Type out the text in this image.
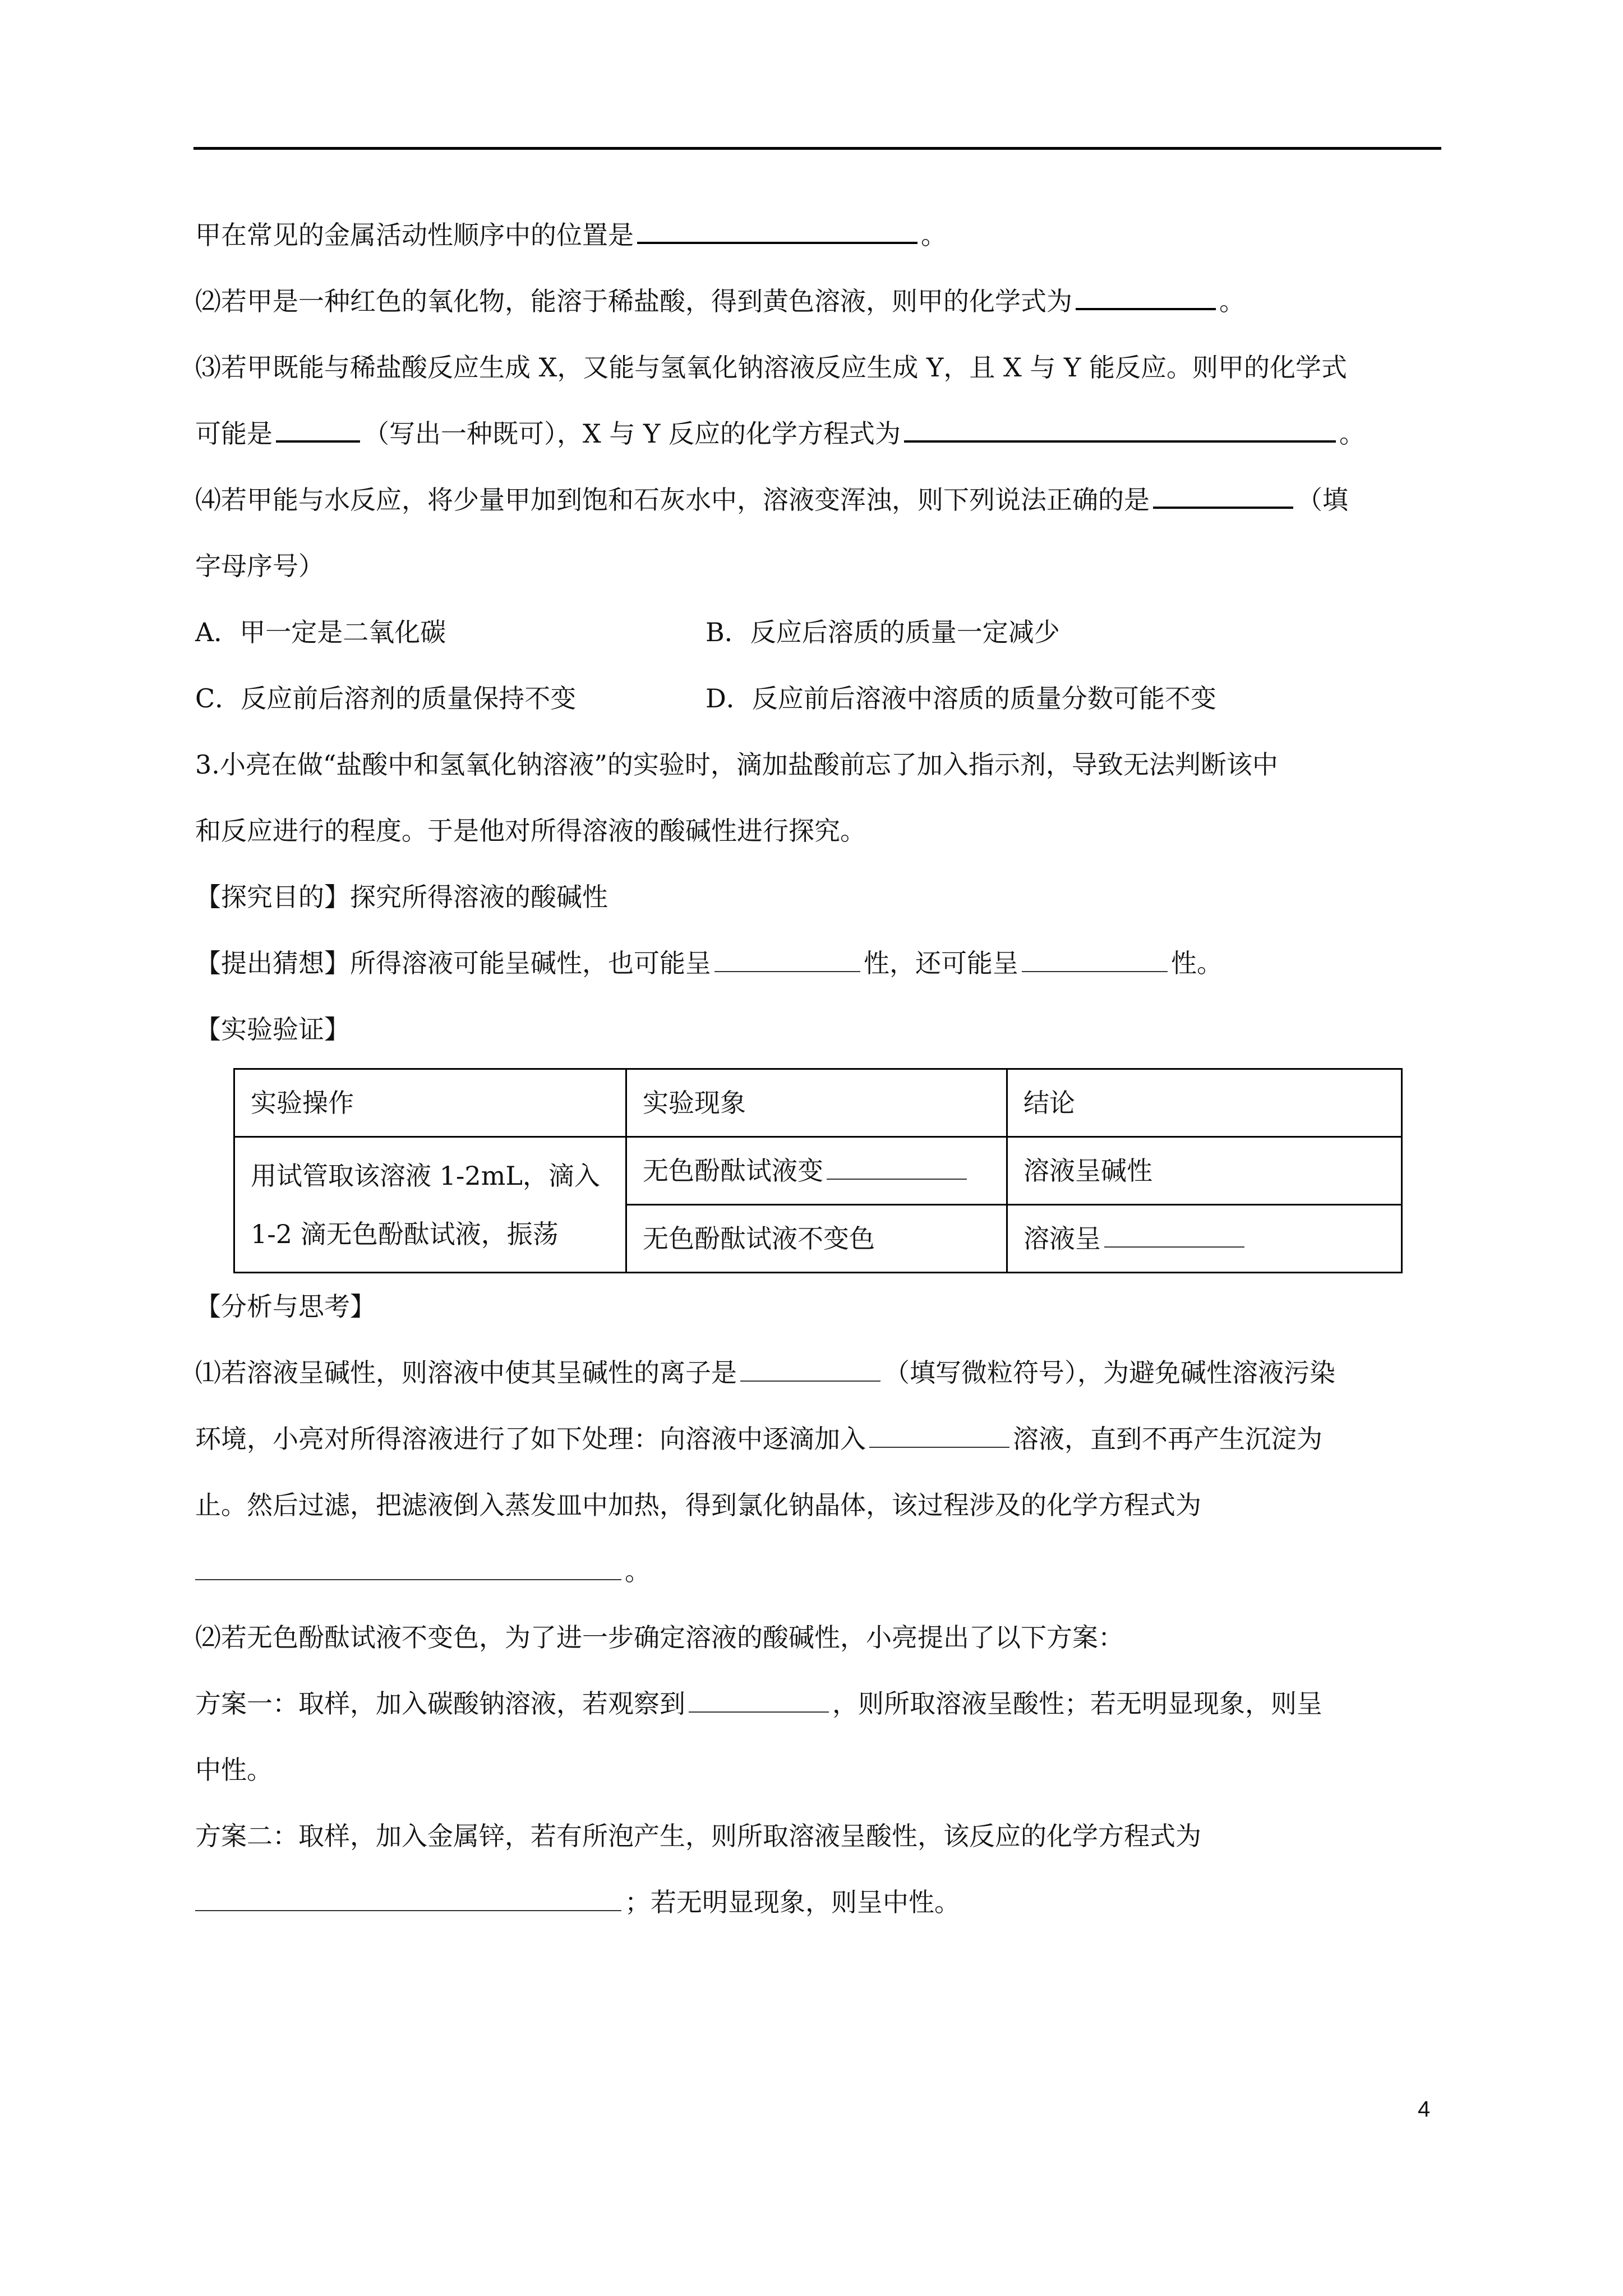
甲在常见的金属活动性顺序中的位置是	。
⑵若甲是一种红色的氧化物，能溶于稀盐酸，得到黄色溶液，则甲的化学式为	。
⑶若甲既能与稀盐酸反应生成 X，又能与氢氧化钠溶液反应生成 Y，且 X 与 Y 能反应。则甲的化学式
可能是	（写出一种既可），X 与 Y 反应的化学方程式为	。
⑷若甲能与水反应，将少量甲加到饱和石灰水中，溶液变浑浊，则下列说法正确的是	（填
字母序号）
A．甲一定是二氧化碳	B．反应后溶质的质量一定减少
C．反应前后溶剂的质量保持不变	D．反应前后溶液中溶质的质量分数可能不变
3.小亮在做“盐酸中和氢氧化钠溶液”的实验时，滴加盐酸前忘了加入指示剂，导致无法判断该中
和反应进行的程度。于是他对所得溶液的酸碱性进行探究。
【探究目的】探究所得溶液的酸碱性
【提出猜想】所得溶液可能呈碱性，也可能呈	性，还可能呈	性。
【实验验证】
实验操作	实验现象	结论

用试管取该溶液 1-2mL，滴入
1-2 滴无色酚酞试液，振荡	无色酚酞试液变	溶液呈碱性
	无色酚酞试液不变色	溶液呈
【分析与思考】
⑴若溶液呈碱性，则溶液中使其呈碱性的离子是	（填写微粒符号），为避免碱性溶液污染
环境，小亮对所得溶液进行了如下处理：向溶液中逐滴加入	溶液，直到不再产生沉淀为
止。然后过滤，把滤液倒入蒸发皿中加热，得到氯化钠晶体，该过程涉及的化学方程式为
。
⑵若无色酚酞试液不变色，为了进一步确定溶液的酸碱性，小亮提出了以下方案：
方案一：取样，加入碳酸钠溶液，若观察到	，则所取溶液呈酸性；若无明显现象，则呈
中性。
方案二：取样，加入金属锌，若有所泡产生，则所取溶液呈酸性，该反应的化学方程式为
；若无明显现象，则呈中性。
4
